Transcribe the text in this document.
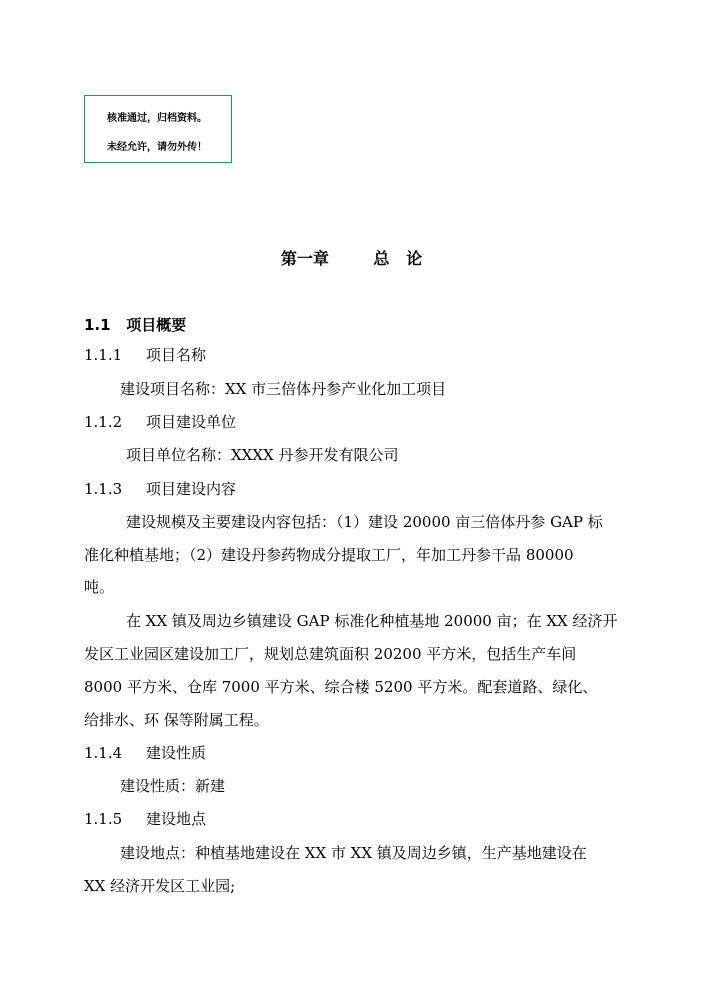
核准通过，归档资料。
未经允许，请勿外传！
第一章        总   论
1.1 项目概要
1.1.1 项目名称
建设项目名称：XX 市三倍体丹参产业化加工项目
1.1.2 项目建设单位
项目单位名称：XXXX 丹参开发有限公司
1.1.3 项目建设内容
建设规模及主要建设内容包括：（1）建设 20000 亩三倍体丹参 GAP 标
准化种植基地；（2）建设丹参药物成分提取工厂，年加工丹参干品 80000
吨。
在 XX 镇及周边乡镇建设 GAP 标准化种植基地 20000 亩；在 XX 经济开
发区工业园区建设加工厂，规划总建筑面积 20200 平方米，包括生产车间
8000 平方米、仓库 7000 平方米、综合楼 5200 平方米。配套道路、绿化、
给排水、环 保等附属工程。
1.1.4 建设性质
建设性质：新建
1.1.5 建设地点
建设地点：种植基地建设在 XX 市 XX 镇及周边乡镇，生产基地建设在
XX 经济开发区工业园;
